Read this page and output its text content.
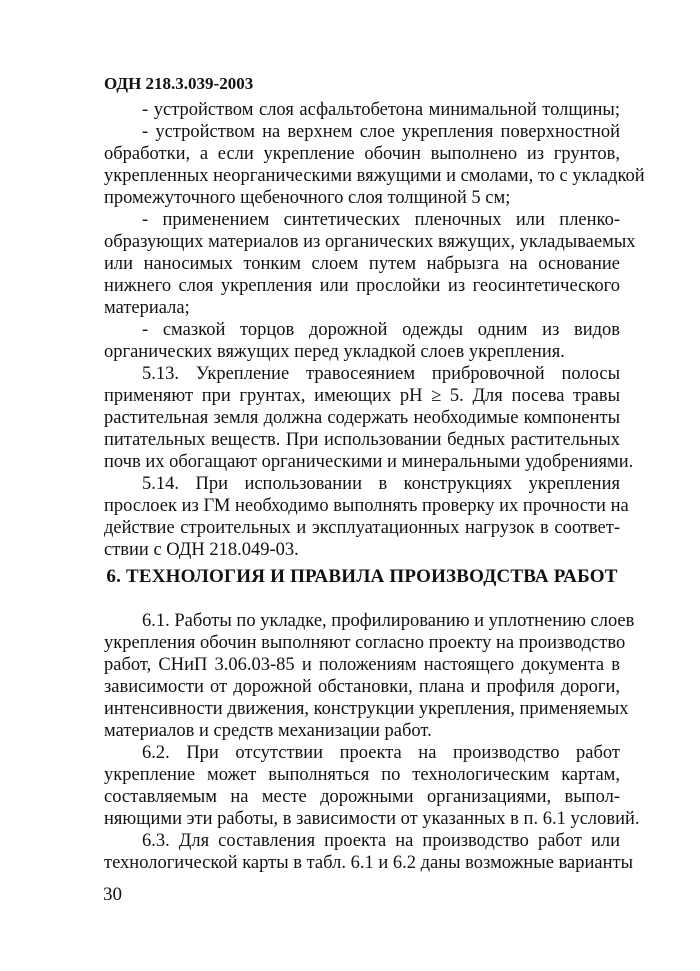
ОДН 218.3.039-2003
- устройством слоя асфальтобетона минимальной толщины;
- устройством на верхнем слое укрепления поверхностной
обработки, а если укрепление обочин выполнено из грунтов,
укрепленных неорганическими вяжущими и смолами, то с укладкой
промежуточного щебеночного слоя толщиной 5 см;
- применением синтетических пленочных или пленко-
образующих материалов из органических вяжущих, укладываемых
или наносимых тонким слоем путем набрызга на основание
нижнего слоя укрепления или прослойки из геосинтетического
материала;
- смазкой торцов дорожной одежды одним из видов
органических вяжущих перед укладкой слоев укрепления.
5.13. Укрепление травосеянием прибровочной полосы
применяют при грунтах, имеющих pH ≥ 5. Для посева травы
растительная земля должна содержать необходимые компоненты
питательных веществ. При использовании бедных растительных
почв их обогащают органическими и минеральными удобрениями.
5.14. При использовании в конструкциях укрепления
прослоек из ГМ необходимо выполнять проверку их прочности на
действие строительных и эксплуатационных нагрузок в соответ-
ствии с ОДН 218.049-03.
6. ТЕХНОЛОГИЯ И ПРАВИЛА ПРОИЗВОДСТВА РАБОТ
6.1. Работы по укладке, профилированию и уплотнению слоев
укрепления обочин выполняют согласно проекту на производство
работ, СНиП 3.06.03-85 и положениям настоящего документа в
зависимости от дорожной обстановки, плана и профиля дороги,
интенсивности движения, конструкции укрепления, применяемых
материалов и средств механизации работ.
6.2. При отсутствии проекта на производство работ
укрепление может выполняться по технологическим картам,
составляемым на месте дорожными организациями, выпол-
няющими эти работы, в зависимости от указанных в п. 6.1 условий.
6.3. Для составления проекта на производство работ или
технологической карты в табл. 6.1 и 6.2 даны возможные варианты
30
